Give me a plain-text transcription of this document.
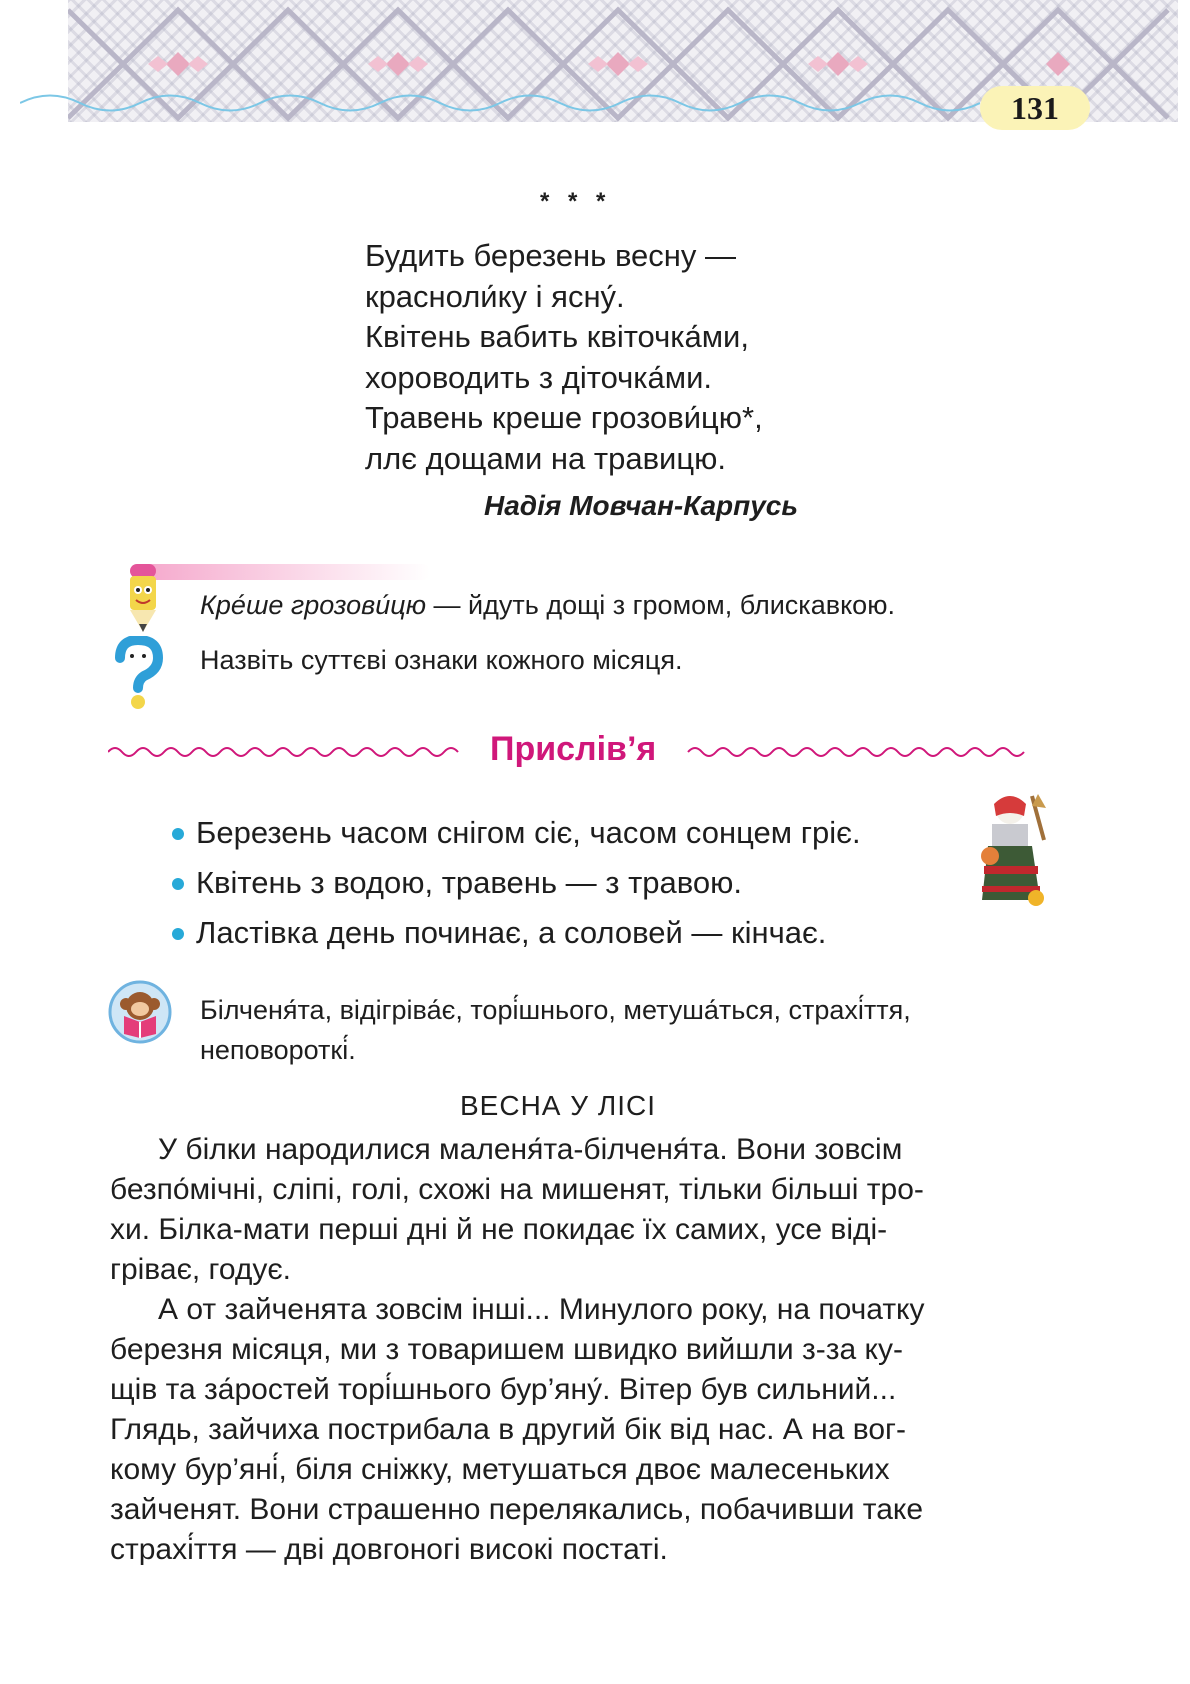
131
* * *
Будить березень весну —
красноли́ку і ясну́.
Квітень вабить квіточка́ми,
хороводить з діточка́ми.
Травень креше грозови́цю*,
ллє дощами на травицю.
Надія Мовчан-Карпусь
Кре́ше грозови́цю — йдуть дощі з громом, блискавкою.
Назвіть суттєві ознаки кожного місяця.
Прислів’я
Березень часом снігом сіє, часом сонцем гріє.
Квітень з водою, травень — з травою.
Ластівка день починає, а соловей — кінчає.
Білченя́та, відігріва́є, торі́шнього, метуша́ться, страхі́ття,
неповороткі́.
ВЕСНА У ЛІСІ
У білки народилися маленя́та-білченя́та. Вони зовсім
безпо́мічні, сліпі, голі, схожі на мишенят, тільки більші тро-
хи. Білка-мати перші дні й не покидає їх самих, усе віді-
гріває, годує.
А от зайченята зовсім інші... Минулого року, на початку
березня місяця, ми з товаришем швидко вийшли з-за ку-
щів та за́ростей торі́шнього бур’яну́. Вітер був сильний...
Глядь, зайчиха пострибала в другий бік від нас. А на вог-
кому бур’яні́, біля сніжку, метушаться двоє малесеньких
зайченят. Вони страшенно перелякались, побачивши таке
страхі́ття — дві довгоногі високі постаті.
